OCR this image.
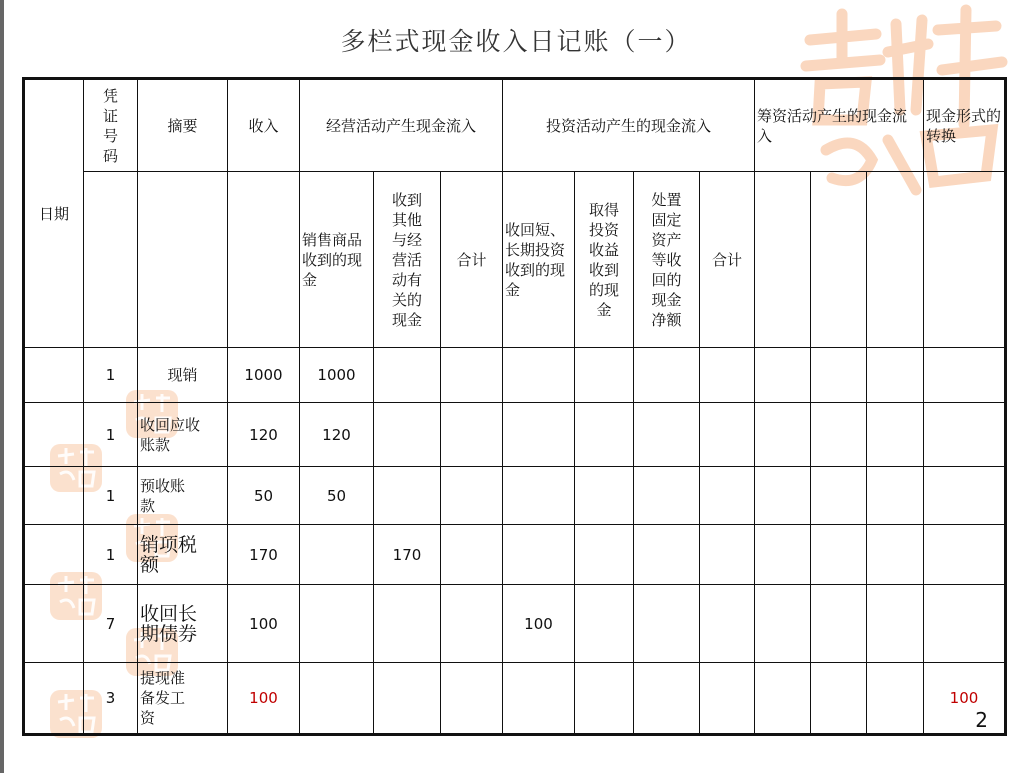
多栏式现金收入日记账（一）
日期	凭证号码	摘要	收入	经营活动产生现金流入			投资活动产生的现金流入				筹资活动产生的现金流入			现金形式的转换
				销售商品收到的现金	收到其他与经营活动有关的现金	合计	收回短、长期投资收到的现金	取得投资收益收到的现金	处置固定资产等收回的现金净额	合计				
	1	现销	1000	1000										
	1	收回应收账款	120	120										
	1	预收账款	50	50										
	1	销项税额	170		170									
	7	收回长期债券	100				100							
	3	提现准备发工资	100											100
2
